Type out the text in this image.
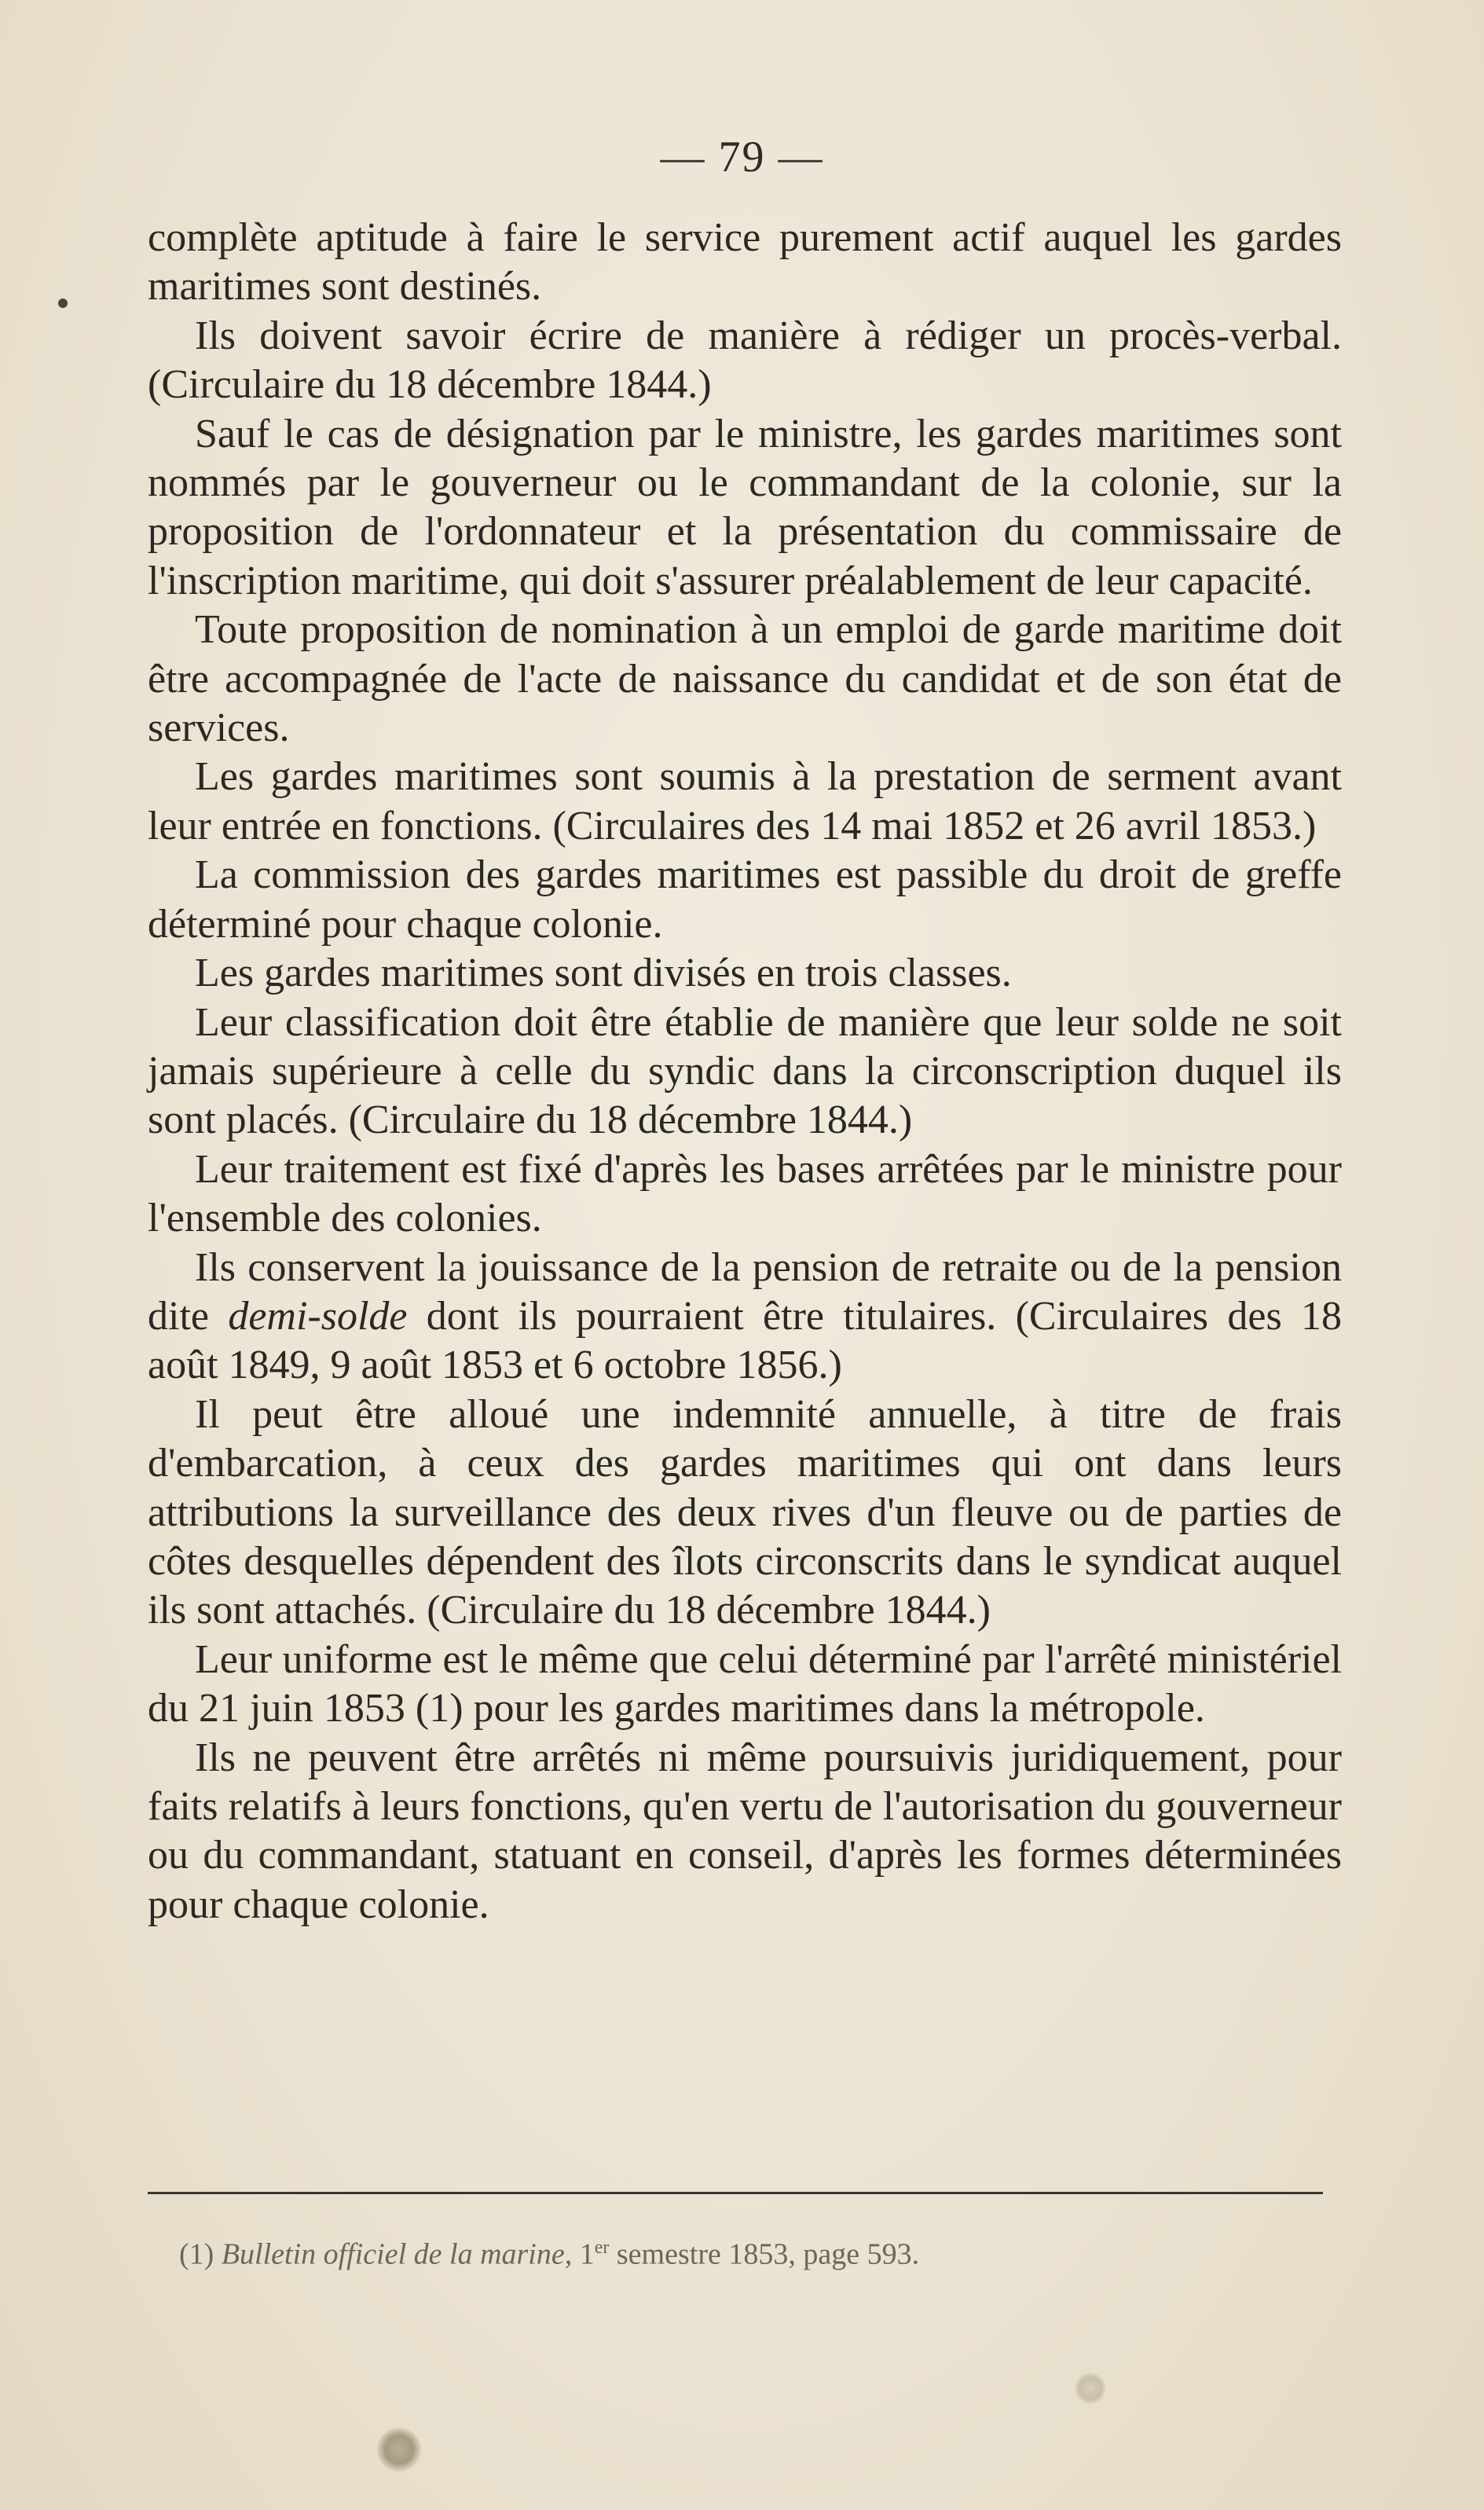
— 79 —

complète aptitude à faire le service purement actif auquel les gardes maritimes sont destinés.

Ils doivent savoir écrire de manière à rédiger un procès-verbal. (Circulaire du 18 décembre 1844.)

Sauf le cas de désignation par le ministre, les gardes maritimes sont nommés par le gouverneur ou le commandant de la colonie, sur la proposition de l'ordonnateur et la présentation du commissaire de l'inscription maritime, qui doit s'assurer préalablement de leur capacité.

Toute proposition de nomination à un emploi de garde maritime doit être accompagnée de l'acte de naissance du candidat et de son état de services.

Les gardes maritimes sont soumis à la prestation de serment avant leur entrée en fonctions. (Circulaires des 14 mai 1852 et 26 avril 1853.)

La commission des gardes maritimes est passible du droit de greffe déterminé pour chaque colonie.

Les gardes maritimes sont divisés en trois classes.

Leur classification doit être établie de manière que leur solde ne soit jamais supérieure à celle du syndic dans la circonscription duquel ils sont placés. (Circulaire du 18 décembre 1844.)

Leur traitement est fixé d'après les bases arrêtées par le ministre pour l'ensemble des colonies.

Ils conservent la jouissance de la pension de retraite ou de la pension dite demi-solde dont ils pourraient être titulaires. (Circulaires des 18 août 1849, 9 août 1853 et 6 octobre 1856.)

Il peut être alloué une indemnité annuelle, à titre de frais d'embarcation, à ceux des gardes maritimes qui ont dans leurs attributions la surveillance des deux rives d'un fleuve ou de parties de côtes desquelles dépendent des îlots circonscrits dans le syndicat auquel ils sont attachés. (Circulaire du 18 décembre 1844.)

Leur uniforme est le même que celui déterminé par l'arrêté ministériel du 21 juin 1853 (1) pour les gardes maritimes dans la métropole.

Ils ne peuvent être arrêtés ni même poursuivis juridiquement, pour faits relatifs à leurs fonctions, qu'en vertu de l'autorisation du gouverneur ou du commandant, statuant en conseil, d'après les formes déterminées pour chaque colonie.

(1) Bulletin officiel de la marine, 1er semestre 1853, page 593.
